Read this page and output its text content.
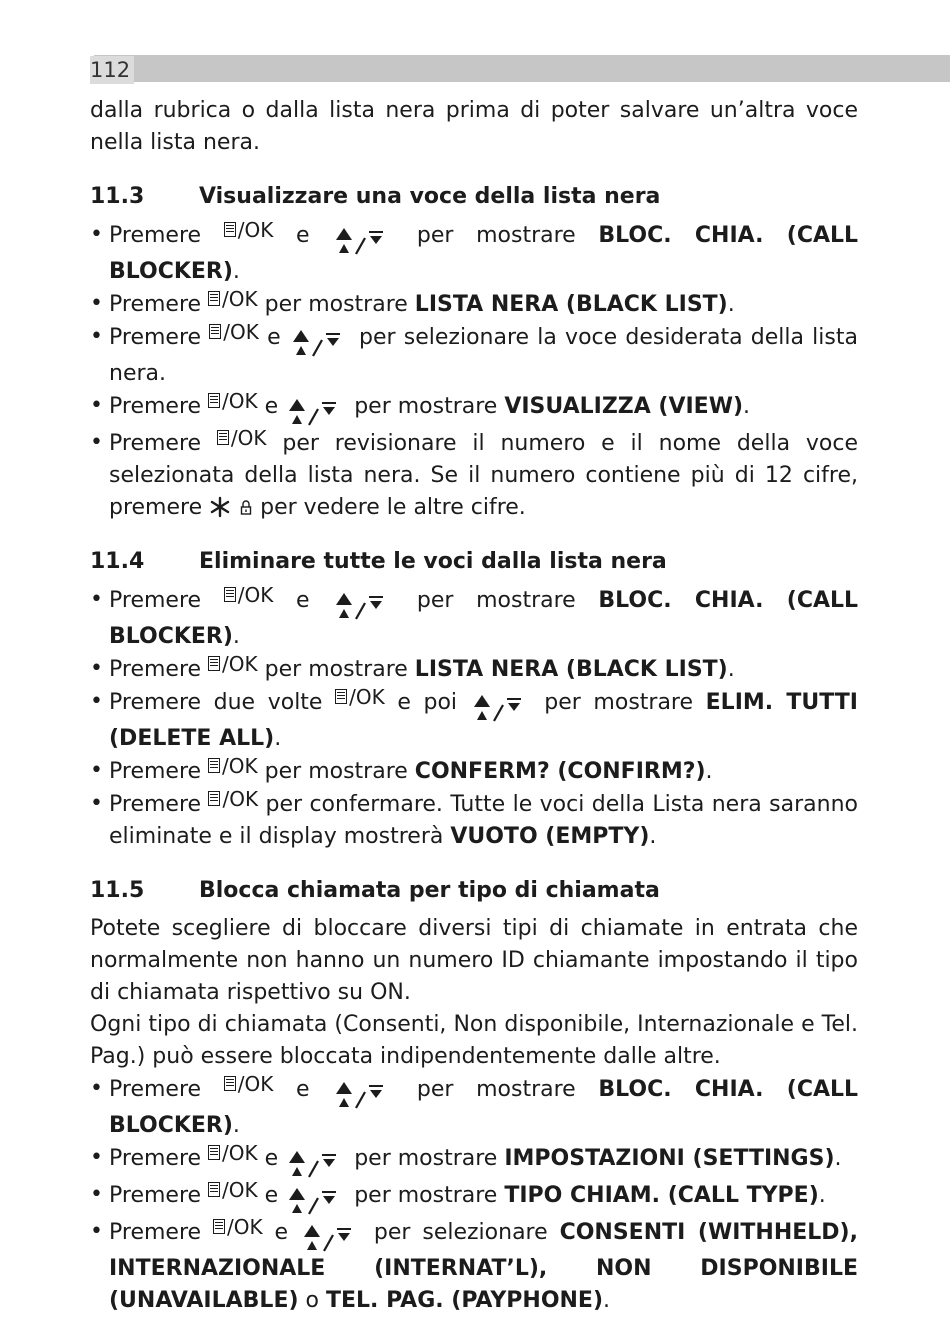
112

dalla rubrica o dalla lista nera prima di poter salvare un’altra voce nella lista nera.

11.3	Visualizzare una voce della lista nera
• Premere /OK e	per mostrare BLOC. CHIA. (CALL BLOCKER).
• Premere /OK per mostrare LISTA NERA (BLACK LIST).
• Premere /OK e	per selezionare la voce desiderata della lista nera.
• Premere /OK e	per mostrare VISUALIZZA (VIEW).
• Premere /OK per revisionare il numero e il nome della voce selezionata della lista nera. Se il numero contiene più di 12 cifre, premere	per vedere le altre cifre.
11.4	Eliminare tutte le voci dalla lista nera
• Premere /OK e	per mostrare BLOC. CHIA. (CALL BLOCKER).
• Premere /OK per mostrare LISTA NERA (BLACK LIST).
• Premere due volte /OK e poi	per mostrare ELIM. TUTTI (DELETE ALL).
• Premere /OK per mostrare CONFERM? (CONFIRM?).
• Premere /OK per confermare. Tutte le voci della Lista nera saranno eliminate e il display mostrerà VUOTO (EMPTY).
11.5	Blocca chiamata per tipo di chiamata

Potete scegliere di bloccare diversi tipi di chiamate in entrata che normalmente non hanno un numero ID chiamante impostando il tipo di chiamata rispettivo su ON.

Ogni tipo di chiamata (Consenti, Non disponibile, Internazionale e Tel. Pag.) può essere bloccata indipendentemente dalle altre.

• Premere /OK e	per mostrare BLOC. CHIA. (CALL BLOCKER).
• Premere /OK e	per mostrare IMPOSTAZIONI (SETTINGS).
• Premere /OK e	per mostrare TIPO CHIAM. (CALL TYPE).
• Premere /OK e	per selezionare CONSENTI (WITHHELD), INTERNAZIONALE (INTERNAT’L), NON DISPONIBILE (UNAVAILABLE) o TEL. PAG. (PAYPHONE).
